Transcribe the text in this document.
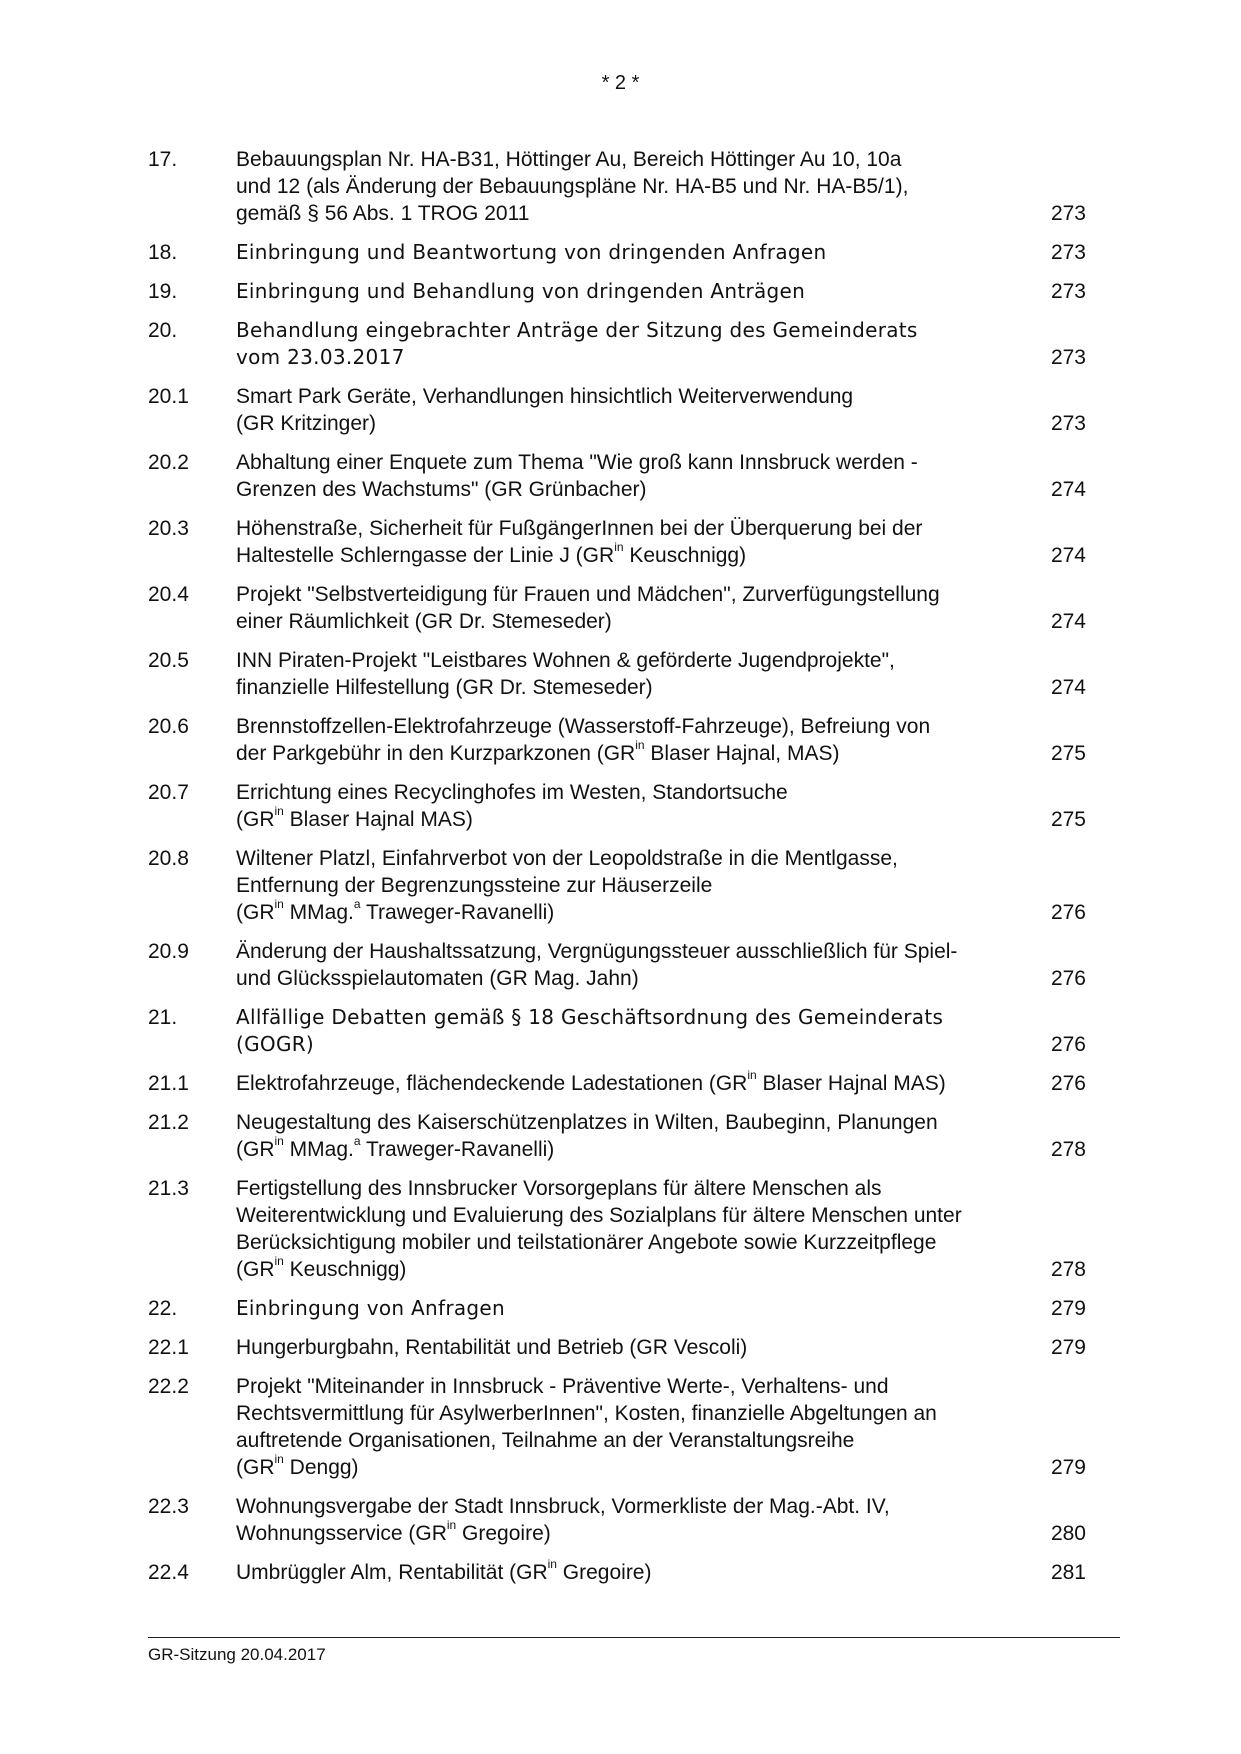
* 2 *
17.	Bebauungsplan Nr. HA-B31, Höttinger Au, Bereich Höttinger Au 10, 10a
und 12 (als Änderung der Bebauungspläne Nr. HA-B5 und Nr. HA-B5/1),
gemäß § 56 Abs. 1 TROG 2011	273
18.	Einbringung und Beantwortung von dringenden Anfragen	273
19.	Einbringung und Behandlung von dringenden Anträgen	273
20.	Behandlung eingebrachter Anträge der Sitzung des Gemeinderats
vom 23.03.2017	273
20.1	Smart Park Geräte, Verhandlungen hinsichtlich Weiterverwendung
(GR Kritzinger)	273
20.2	Abhaltung einer Enquete zum Thema "Wie groß kann Innsbruck werden -
Grenzen des Wachstums" (GR Grünbacher)	274
20.3	Höhenstraße, Sicherheit für FußgängerInnen bei der Überquerung bei der
Haltestelle Schlerngasse der Linie J ($GR^{in}$ Keuschnigg)	274
20.4	Projekt "Selbstverteidigung für Frauen und Mädchen", Zurverfügungstellung
einer Räumlichkeit (GR Dr. Stemeseder)	274
20.5	INN Piraten-Projekt "Leistbares Wohnen & geförderte Jugendprojekte",
finanzielle Hilfestellung (GR Dr. Stemeseder)	274
20.6	Brennstoffzellen-Elektrofahrzeuge (Wasserstoff-Fahrzeuge), Befreiung von
der Parkgebühr in den Kurzparkzonen ($GR^{in}$ Blaser Hajnal, MAS)	275
20.7	Errichtung eines Recyclinghofes im Westen, Standortsuche
($GR^{in}$ Blaser Hajnal MAS)	275
20.8	Wiltener Platzl, Einfahrverbot von der Leopoldstraße in die Mentlgasse,
Entfernung der Begrenzungssteine zur Häuserzeile
($GR^{in}$ MMag.$^a$ Traweger-Ravanelli)	276
20.9	Änderung der Haushaltssatzung, Vergnügungssteuer ausschließlich für Spiel-
und Glücksspielautomaten (GR Mag. Jahn)	276
21.	Allfällige Debatten gemäß § 18 Geschäftsordnung des Gemeinderats
(GOGR)	276
21.1	Elektrofahrzeuge, flächendeckende Ladestationen ($GR^{in}$ Blaser Hajnal MAS)	276
21.2	Neugestaltung des Kaiserschützenplatzes in Wilten, Baubeginn, Planungen
($GR^{in}$ MMag.$^a$ Traweger-Ravanelli)	278
21.3	Fertigstellung des Innsbrucker Vorsorgeplans für ältere Menschen als
Weiterentwicklung und Evaluierung des Sozialplans für ältere Menschen unter
Berücksichtigung mobiler und teilstationärer Angebote sowie Kurzzeitpflege
($GR^{in}$ Keuschnigg)	278
22.	Einbringung von Anfragen	279
22.1	Hungerburgbahn, Rentabilität und Betrieb (GR Vescoli)	279
22.2	Projekt "Miteinander in Innsbruck - Präventive Werte-, Verhaltens- und
Rechtsvermittlung für AsylwerberInnen", Kosten, finanzielle Abgeltungen an
auftretende Organisationen, Teilnahme an der Veranstaltungsreihe
($GR^{in}$ Dengg)	279
22.3	Wohnungsvergabe der Stadt Innsbruck, Vormerkliste der Mag.-Abt. IV,
Wohnungsservice ($GR^{in}$ Gregoire)	280
22.4	Umbrüggler Alm, Rentabilität ($GR^{in}$ Gregoire)	281
GR-Sitzung 20.04.2017
